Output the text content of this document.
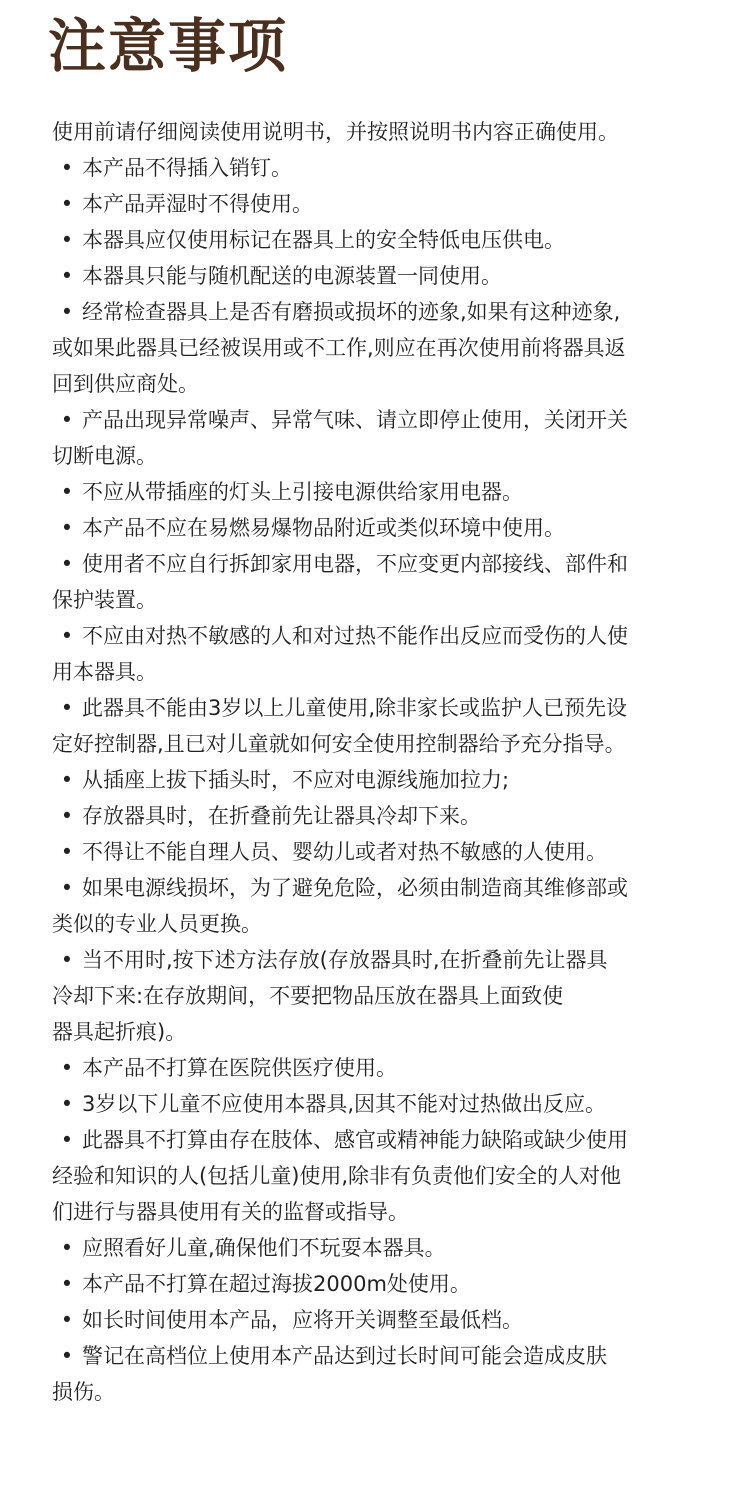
注意事项
使用前请仔细阅读使用说明书，并按照说明书内容正确使用。
• 本产品不得插入销钉。
• 本产品弄湿时不得使用。
• 本器具应仅使用标记在器具上的安全特低电压供电。
• 本器具只能与随机配送的电源装置一同使用。
• 经常检查器具上是否有磨损或损坏的迹象,如果有这种迹象,
或如果此器具已经被误用或不工作,则应在再次使用前将器具返
回到供应商处。
• 产品出现异常噪声、异常气味、请立即停止使用，关闭开关
切断电源。
• 不应从带插座的灯头上引接电源供给家用电器。
• 本产品不应在易燃易爆物品附近或类似环境中使用。
• 使用者不应自行拆卸家用电器，不应变更内部接线、部件和
保护装置。
• 不应由对热不敏感的人和对过热不能作出反应而受伤的人使
用本器具。
• 此器具不能由3岁以上儿童使用,除非家长或监护人已预先设
定好控制器,且已对儿童就如何安全使用控制器给予充分指导。
• 从插座上拔下插头时，不应对电源线施加拉力;
• 存放器具时，在折叠前先让器具冷却下来。
• 不得让不能自理人员、婴幼儿或者对热不敏感的人使用。
• 如果电源线损坏，为了避免危险，必须由制造商其维修部或
类似的专业人员更换。
• 当不用时,按下述方法存放(存放器具时,在折叠前先让器具
冷却下来:在存放期间，不要把物品压放在器具上面致使
器具起折痕)。
• 本产品不打算在医院供医疗使用。
• 3岁以下儿童不应使用本器具,因其不能对过热做出反应。
• 此器具不打算由存在肢体、感官或精神能力缺陷或缺少使用
经验和知识的人(包括儿童)使用,除非有负责他们安全的人对他
们进行与器具使用有关的监督或指导。
• 应照看好儿童,确保他们不玩耍本器具。
• 本产品不打算在超过海拔2000m处使用。
• 如长时间使用本产品，应将开关调整至最低档。
• 警记在高档位上使用本产品达到过长时间可能会造成皮肤
损伤。
